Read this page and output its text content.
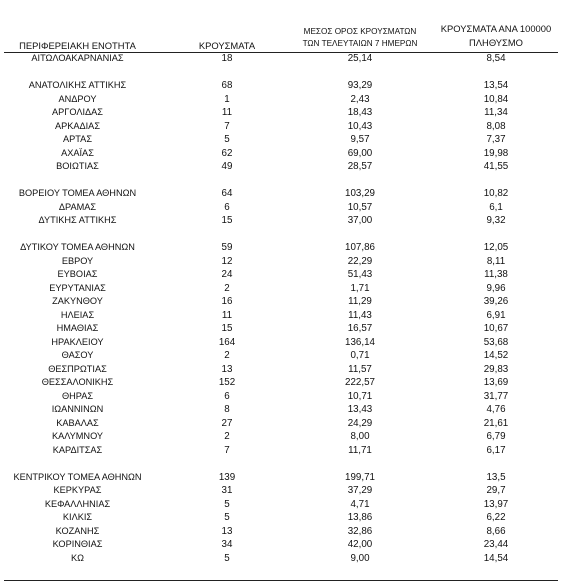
ΠΕΡΙΦΕΡΕΙΑΚΗ ΕΝΟΤΗΤΑ	ΚΡΟΥΣΜΑΤΑ
ΜΕΣΟΣ ΟΡΟΣ ΚΡΟΥΣΜΑΤΩΝ
ΤΩΝ ΤΕΛΕΥΤΑΙΩΝ 7 ΗΜΕΡΩΝ
ΚΡΟΥΣΜΑΤΑ ΑΝΑ 100000
ΠΛΗΘΥΣΜΟ
ΑΙΤΩΛΟΑΚΑΡΝΑΝΙΑΣ	18	25,14	8,54
ΑΝΑΤΟΛΙΚΗΣ ΑΤΤΙΚΗΣ	68	93,29	13,54
ΑΝΔΡΟΥ	1	2,43	10,84
ΑΡΓΟΛΙΔΑΣ	11	18,43	11,34
ΑΡΚΑΔΙΑΣ	7	10,43	8,08
ΑΡΤΑΣ	5	9,57	7,37
ΑΧΑΪΑΣ	62	69,00	19,98
ΒΟΙΩΤΙΑΣ	49	28,57	41,55
ΒΟΡΕΙΟΥ ΤΟΜΕΑ ΑΘΗΝΩΝ	64	103,29	10,82
ΔΡΑΜΑΣ	6	10,57	6,1
ΔΥΤΙΚΗΣ ΑΤΤΙΚΗΣ	15	37,00	9,32
ΔΥΤΙΚΟΥ ΤΟΜΕΑ ΑΘΗΝΩΝ	59	107,86	12,05
ΕΒΡΟΥ	12	22,29	8,11
ΕΥΒΟΙΑΣ	24	51,43	11,38
ΕΥΡΥΤΑΝΙΑΣ	2	1,71	9,96
ΖΑΚΥΝΘΟΥ	16	11,29	39,26
ΗΛΕΙΑΣ	11	11,43	6,91
ΗΜΑΘΙΑΣ	15	16,57	10,67
ΗΡΑΚΛΕΙΟΥ	164	136,14	53,68
ΘΑΣΟΥ	2	0,71	14,52
ΘΕΣΠΡΩΤΙΑΣ	13	11,57	29,83
ΘΕΣΣΑΛΟΝΙΚΗΣ	152	222,57	13,69
ΘΗΡΑΣ	6	10,71	31,77
ΙΩΑΝΝΙΝΩΝ	8	13,43	4,76
ΚΑΒΑΛΑΣ	27	24,29	21,61
ΚΑΛΥΜΝΟΥ	2	8,00	6,79
ΚΑΡΔΙΤΣΑΣ	7	11,71	6,17
ΚΕΝΤΡΙΚΟΥ ΤΟΜΕΑ ΑΘΗΝΩΝ	139	199,71	13,5
ΚΕΡΚΥΡΑΣ	31	37,29	29,7
ΚΕΦΑΛΛΗΝΙΑΣ	5	4,71	13,97
ΚΙΛΚΙΣ	5	13,86	6,22
ΚΟΖΑΝΗΣ	13	32,86	8,66
ΚΟΡΙΝΘΙΑΣ	34	42,00	23,44
ΚΩ	5	9,00	14,54
